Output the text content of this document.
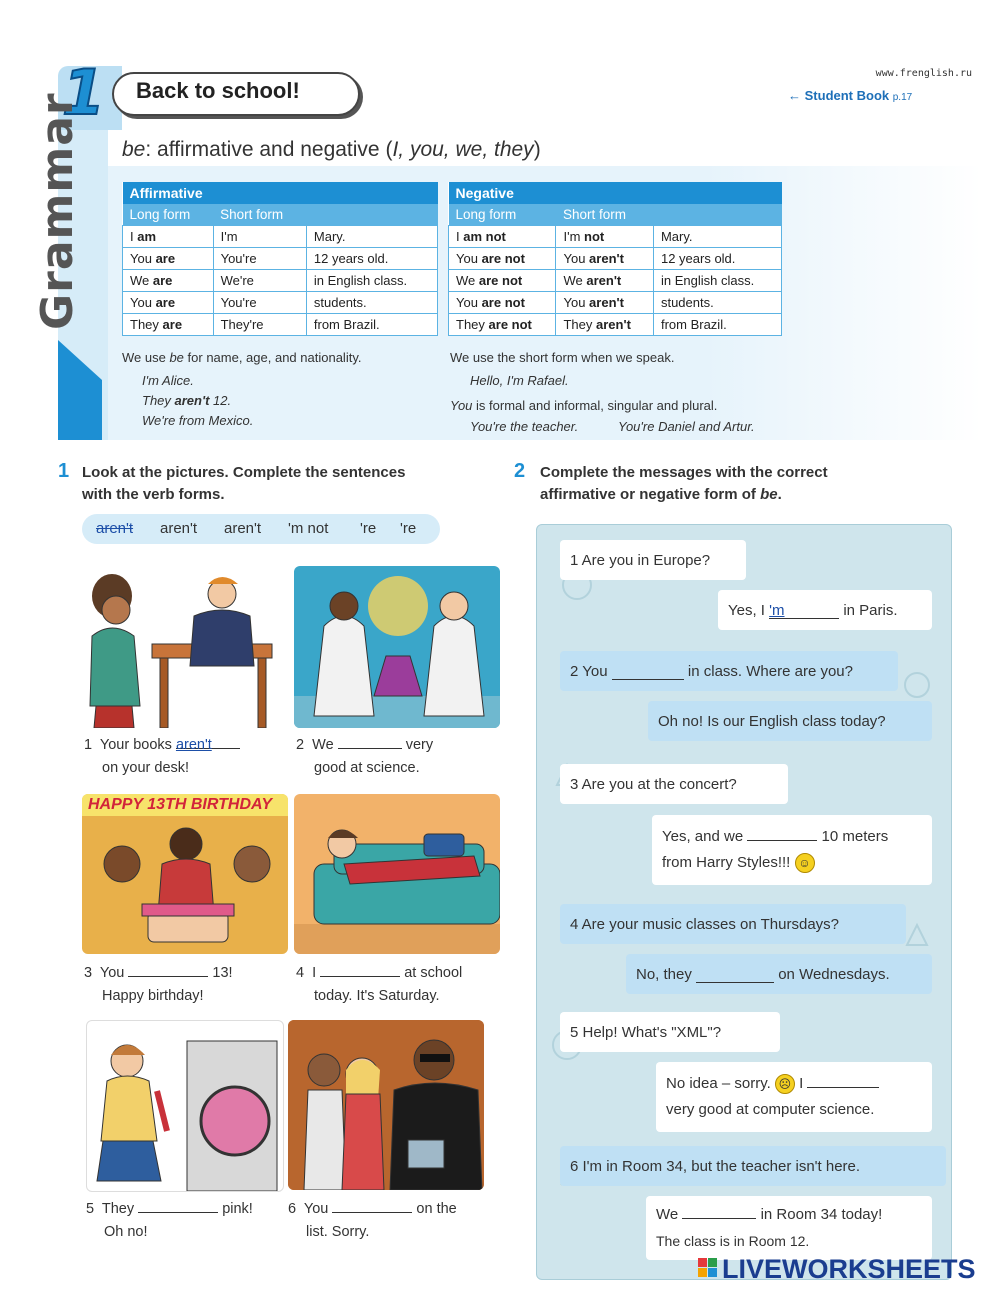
1 Back to school!
www.frenglish.ru
← Student Book p.17
Grammar be: affirmative and negative (I, you, we, they)
Affirmative		
Long form	Short form	
I am	I'm	Mary.
You are	You're	12 years old.
We are	We're	in English class.
You are	You're	students.
They are	They're	from Brazil.
Negative		
Long form	Short form	
I am not	I'm not	Mary.
You are not	You aren't	12 years old.
We are not	We aren't	in English class.
You are not	You aren't	students.
They are not	They aren't	from Brazil.
We use be for name, age, and nationality.
I'm Alice.
They aren't 12.
We're from Mexico.
We use the short form when we speak.
Hello, I'm Rafael.
You is formal and informal, singular and plural.
You're the teacher.	You're Daniel and Artur.
1 Look at the pictures. Complete the sentences
with the verb forms.
aren't aren't aren't 'm not 're 're
1 Your books aren't
on your desk!
2 We	very
good at science.
HAPPY 13TH BIRTHDAY
3 You	13!
Happy birthday!
4 I	at school
today. It's Saturday.
5 They	pink!
Oh no!
6 You	on the
list. Sorry.
2 Complete the messages with the correct
affirmative or negative form of be.
1 Are you in Europe?
Yes, I
'm
	in Paris.
2 You

	in class. Where are you?
Oh no! Is our English class today?
3 Are you at the concert?
Yes, and we	10 meters
from Harry Styles!!! ☺
4 Are your music classes on Thursdays?
No, they

	on Wednesdays.
5 Help! What's "XML"?
No idea – sorry. ☹ I
very good at computer science.
6 I'm in Room 34, but the teacher isn't here.
We	in Room 34 today!
The class is in Room 12.
LIVEWORKSHEETS
